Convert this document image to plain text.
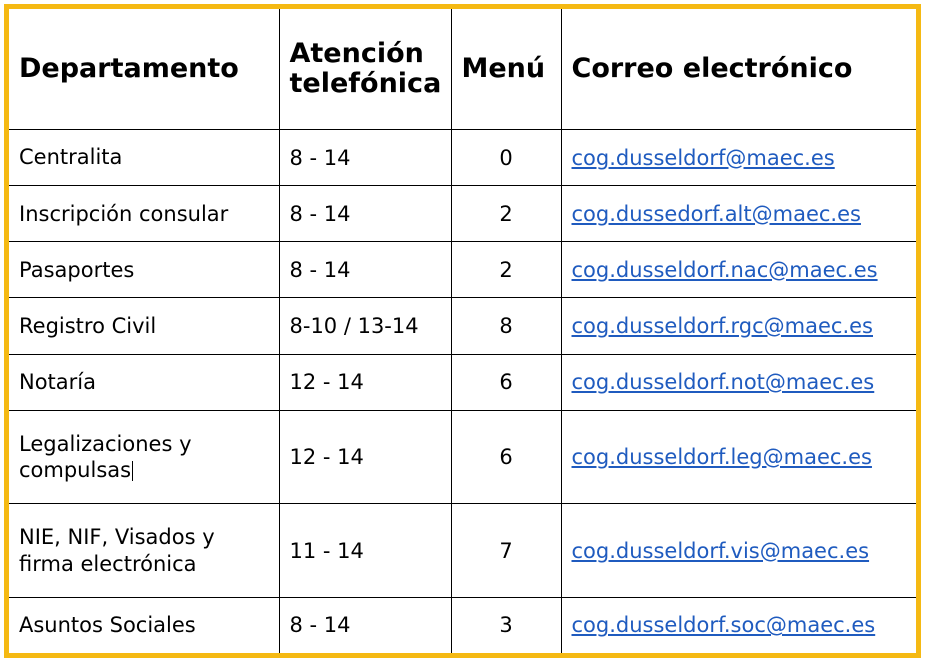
Departamento	Atención telefónica	Menú	Correo electrónico
Centralita	8 - 14	0	cog.dusseldorf@maec.es
Inscripción consular	8 - 14	2	cog.dussedorf.alt@maec.es
Pasaportes	8 - 14	2	cog.dusseldorf.nac@maec.es
Registro Civil	8-10 / 13-14	8	cog.dusseldorf.rgc@maec.es
Notaría	12 - 14	6	cog.dusseldorf.not@maec.es
Legalizaciones y compulsas	12 - 14	6	cog.dusseldorf.leg@maec.es
NIE, NIF, Visados y firma electrónica	11 - 14	7	cog.dusseldorf.vis@maec.es
Asuntos Sociales	8 - 14	3	cog.dusseldorf.soc@maec.es
